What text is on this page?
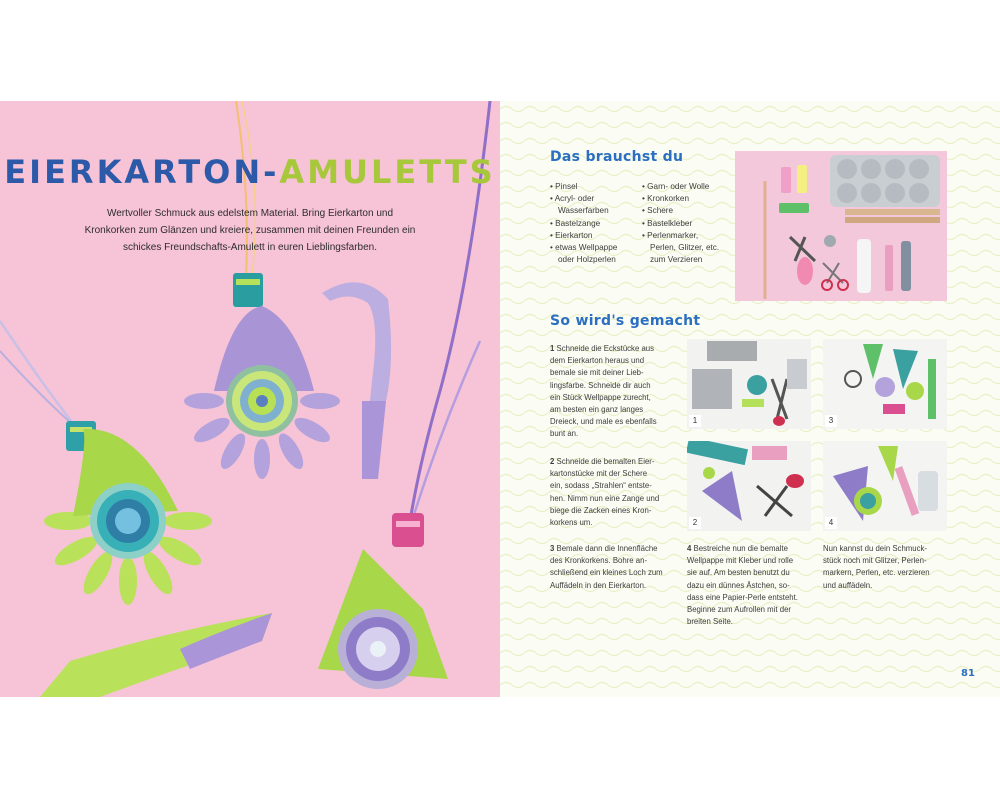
EIERKARTON-AMULETTS
Wertvoller Schmuck aus edelstem Material. Bring Eierkarton und
Kronkorken zum Glänzen und kreiere, zusammen mit deinen Freunden ein
schickes Freundschafts-Amulett in euren Lieblingsfarben.
Das brauchst du
• Pinsel
• Acryl- oder
Wasserfarben
• Bastelzange
• Eierkarton
• etwas Wellpappe
oder Holzperlen
• Garn- oder Wolle
• Kronkorken
• Schere
• Bastelkleber
• Perlenmarker,
Perlen, Glitzer, etc.
zum Verzieren
So wird's gemacht
1 Schneide die Eckstücke aus
dem Eierkarton heraus und
bemale sie mit deiner Lieb-
lingsfarbe. Schneide dir auch
ein Stück Wellpappe zurecht,
am besten ein ganz langes
Dreieck, und male es ebenfalls
bunt an.
2 Schneide die bemalten Eier-
kartonstücke mit der Schere
ein, sodass „Strahlen“ entste-
hen. Nimm nun eine Zange und
biege die Zacken eines Kron-
korkens um.
1	3
2	4
3 Bemale dann die Innenfläche
des Kronkorkens. Bohre an-
schließend ein kleines Loch zum
Auffädeln in den Eierkarton.
4 Bestreiche nun die bemalte
Wellpappe mit Kleber und rolle
sie auf. Am besten benutzt du
dazu ein dünnes Ästchen, so-
dass eine Papier-Perle entsteht.
Beginne zum Aufrollen mit der
breiten Seite.
Nun kannst du dein Schmuck-
stück noch mit Glitzer, Perlen-
markern, Perlen, etc. verzieren
und auffädeln.
81
